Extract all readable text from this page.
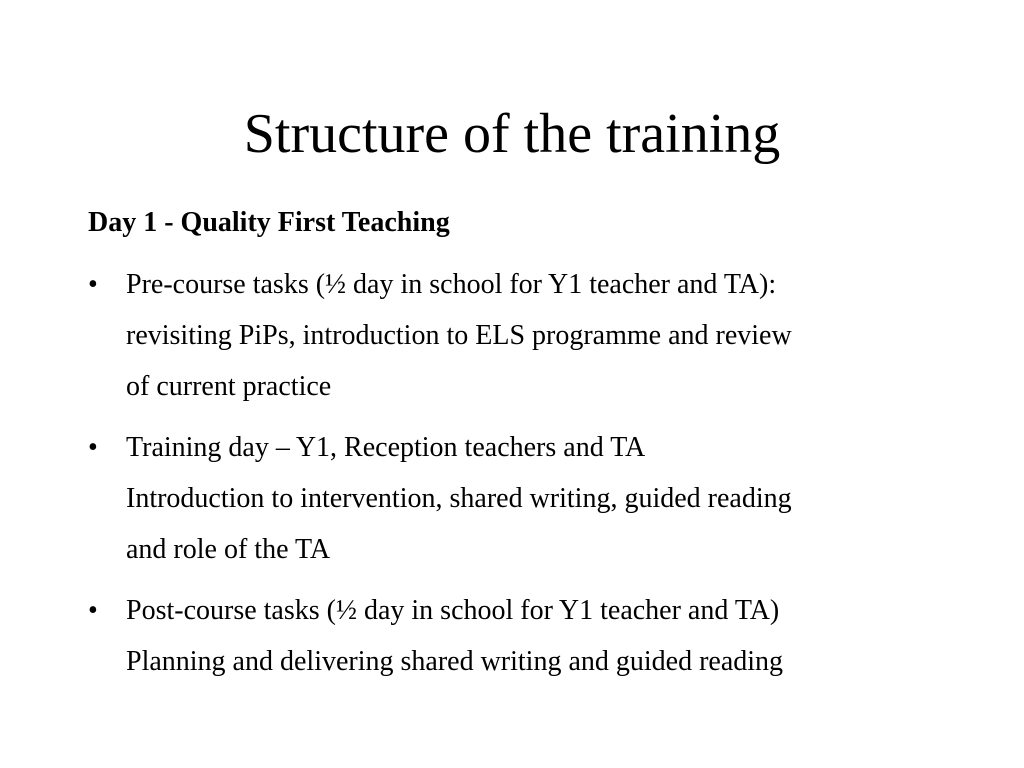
Structure of the training

Day 1 - Quality First Teaching

•	Pre-course tasks (½ day in school for Y1 teacher and TA):
revisiting PiPs, introduction to ELS programme and review
of current practice
•	Training day – Y1, Reception teachers and TA
Introduction to intervention, shared writing, guided reading
and role of the TA
•	Post-course tasks (½ day in school for Y1 teacher and TA)
Planning and delivering shared writing and guided reading
